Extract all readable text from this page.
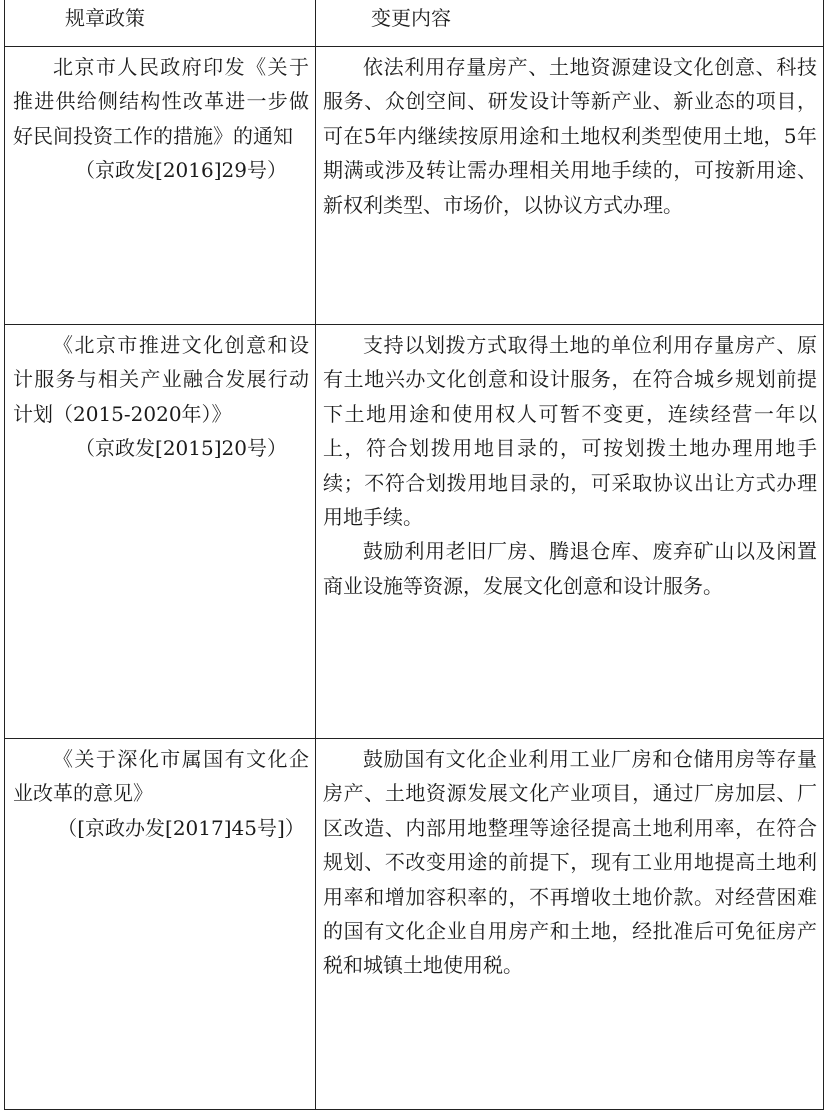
规章政策	变更内容

北京市人民政府印发《关于推进供给侧结构性改革进一步做好民间投资工作的措施》的通知

（京政发[2016]29号）

依法利用存量房产、土地资源建设文化创意、科技服务、众创空间、研发设计等新产业、新业态的项目，可在5年内继续按原用途和土地权利类型使用土地，5年期满或涉及转让需办理相关用地手续的，可按新用途、新权利类型、市场价，以协议方式办理。

《北京市推进文化创意和设计服务与相关产业融合发展行动计划（2015-2020年）》

（京政发[2015]20号）

支持以划拨方式取得土地的单位利用存量房产、原有土地兴办文化创意和设计服务，在符合城乡规划前提下土地用途和使用权人可暂不变更，连续经营一年以上，符合划拨用地目录的，可按划拨土地办理用地手续；不符合划拨用地目录的，可采取协议出让方式办理用地手续。

鼓励利用老旧厂房、腾退仓库、废弃矿山以及闲置商业设施等资源，发展文化创意和设计服务。

《关于深化市属国有文化企业改革的意见》

（[京政办发[2017]45号]）

鼓励国有文化企业利用工业厂房和仓储用房等存量房产、土地资源发展文化产业项目，通过厂房加层、厂区改造、内部用地整理等途径提高土地利用率，在符合规划、不改变用途的前提下，现有工业用地提高土地利用率和增加容积率的，不再增收土地价款。对经营困难的国有文化企业自用房产和土地，经批准后可免征房产税和城镇土地使用税。
